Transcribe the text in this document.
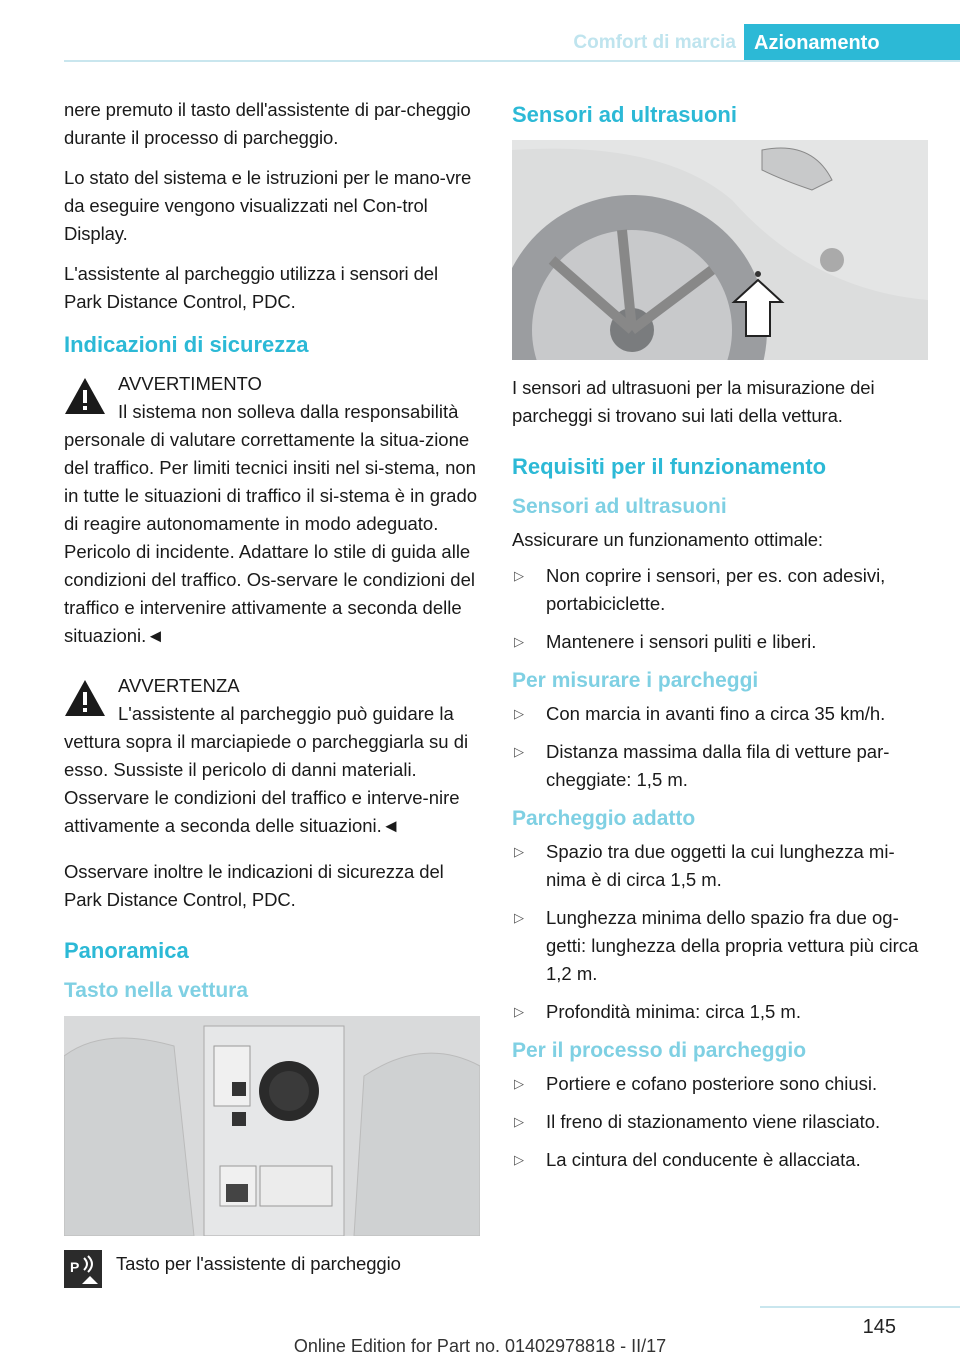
Comfort di marcia Azionamento

nere premuto il tasto dell'assistente di par-cheggio durante il processo di parcheggio.

Lo stato del sistema e le istruzioni per le mano-vre da eseguire vengono visualizzati nel Con-trol Display.

L'assistente al parcheggio utilizza i sensori del Park Distance Control, PDC.

Indicazioni di sicurezza
AVVERTIMENTO
Il sistema non solleva dalla responsabilità
personale di valutare correttamente la situa-zione del traffico. Per limiti tecnici insiti nel si-stema, non in tutte le situazioni di traffico il si-stema è in grado di reagire autonomamente in modo adeguato. Pericolo di incidente. Adattare lo stile di guida alle condizioni del traffico. Os-servare le condizioni del traffico e intervenire attivamente a seconda delle situazioni.◄
AVVERTENZA
L'assistente al parcheggio può guidare la
vettura sopra il marciapiede o parcheggiarla su di esso. Sussiste il pericolo di danni materiali. Osservare le condizioni del traffico e interve-nire attivamente a seconda delle situazioni.◄

Osservare inoltre le indicazioni di sicurezza del Park Distance Control, PDC.

Panoramica
Tasto nella vettura
P Tasto per l'assistente di parcheggio

Sensori ad ultrasuoni

I sensori ad ultrasuoni per la misurazione dei parcheggi si trovano sui lati della vettura.

Requisiti per il funzionamento
Sensori ad ultrasuoni

Assicurare un funzionamento ottimale:

▷ Non coprire i sensori, per es. con adesivi, portabiciclette.
▷ Mantenere i sensori puliti e liberi.
Per misurare i parcheggi
▷ Con marcia in avanti fino a circa 35 km/h.
▷ Distanza massima dalla fila di vetture par-cheggiate: 1,5 m.
Parcheggio adatto
▷ Spazio tra due oggetti la cui lunghezza mi-nima è di circa 1,5 m.
▷ Lunghezza minima dello spazio fra due og-getti: lunghezza della propria vettura più circa 1,2 m.
▷ Profondità minima: circa 1,5 m.
Per il processo di parcheggio
▷ Portiere e cofano posteriore sono chiusi.
▷ Il freno di stazionamento viene rilasciato.
▷ La cintura del conducente è allacciata.
145
Online Edition for Part no. 01402978818 - II/17
